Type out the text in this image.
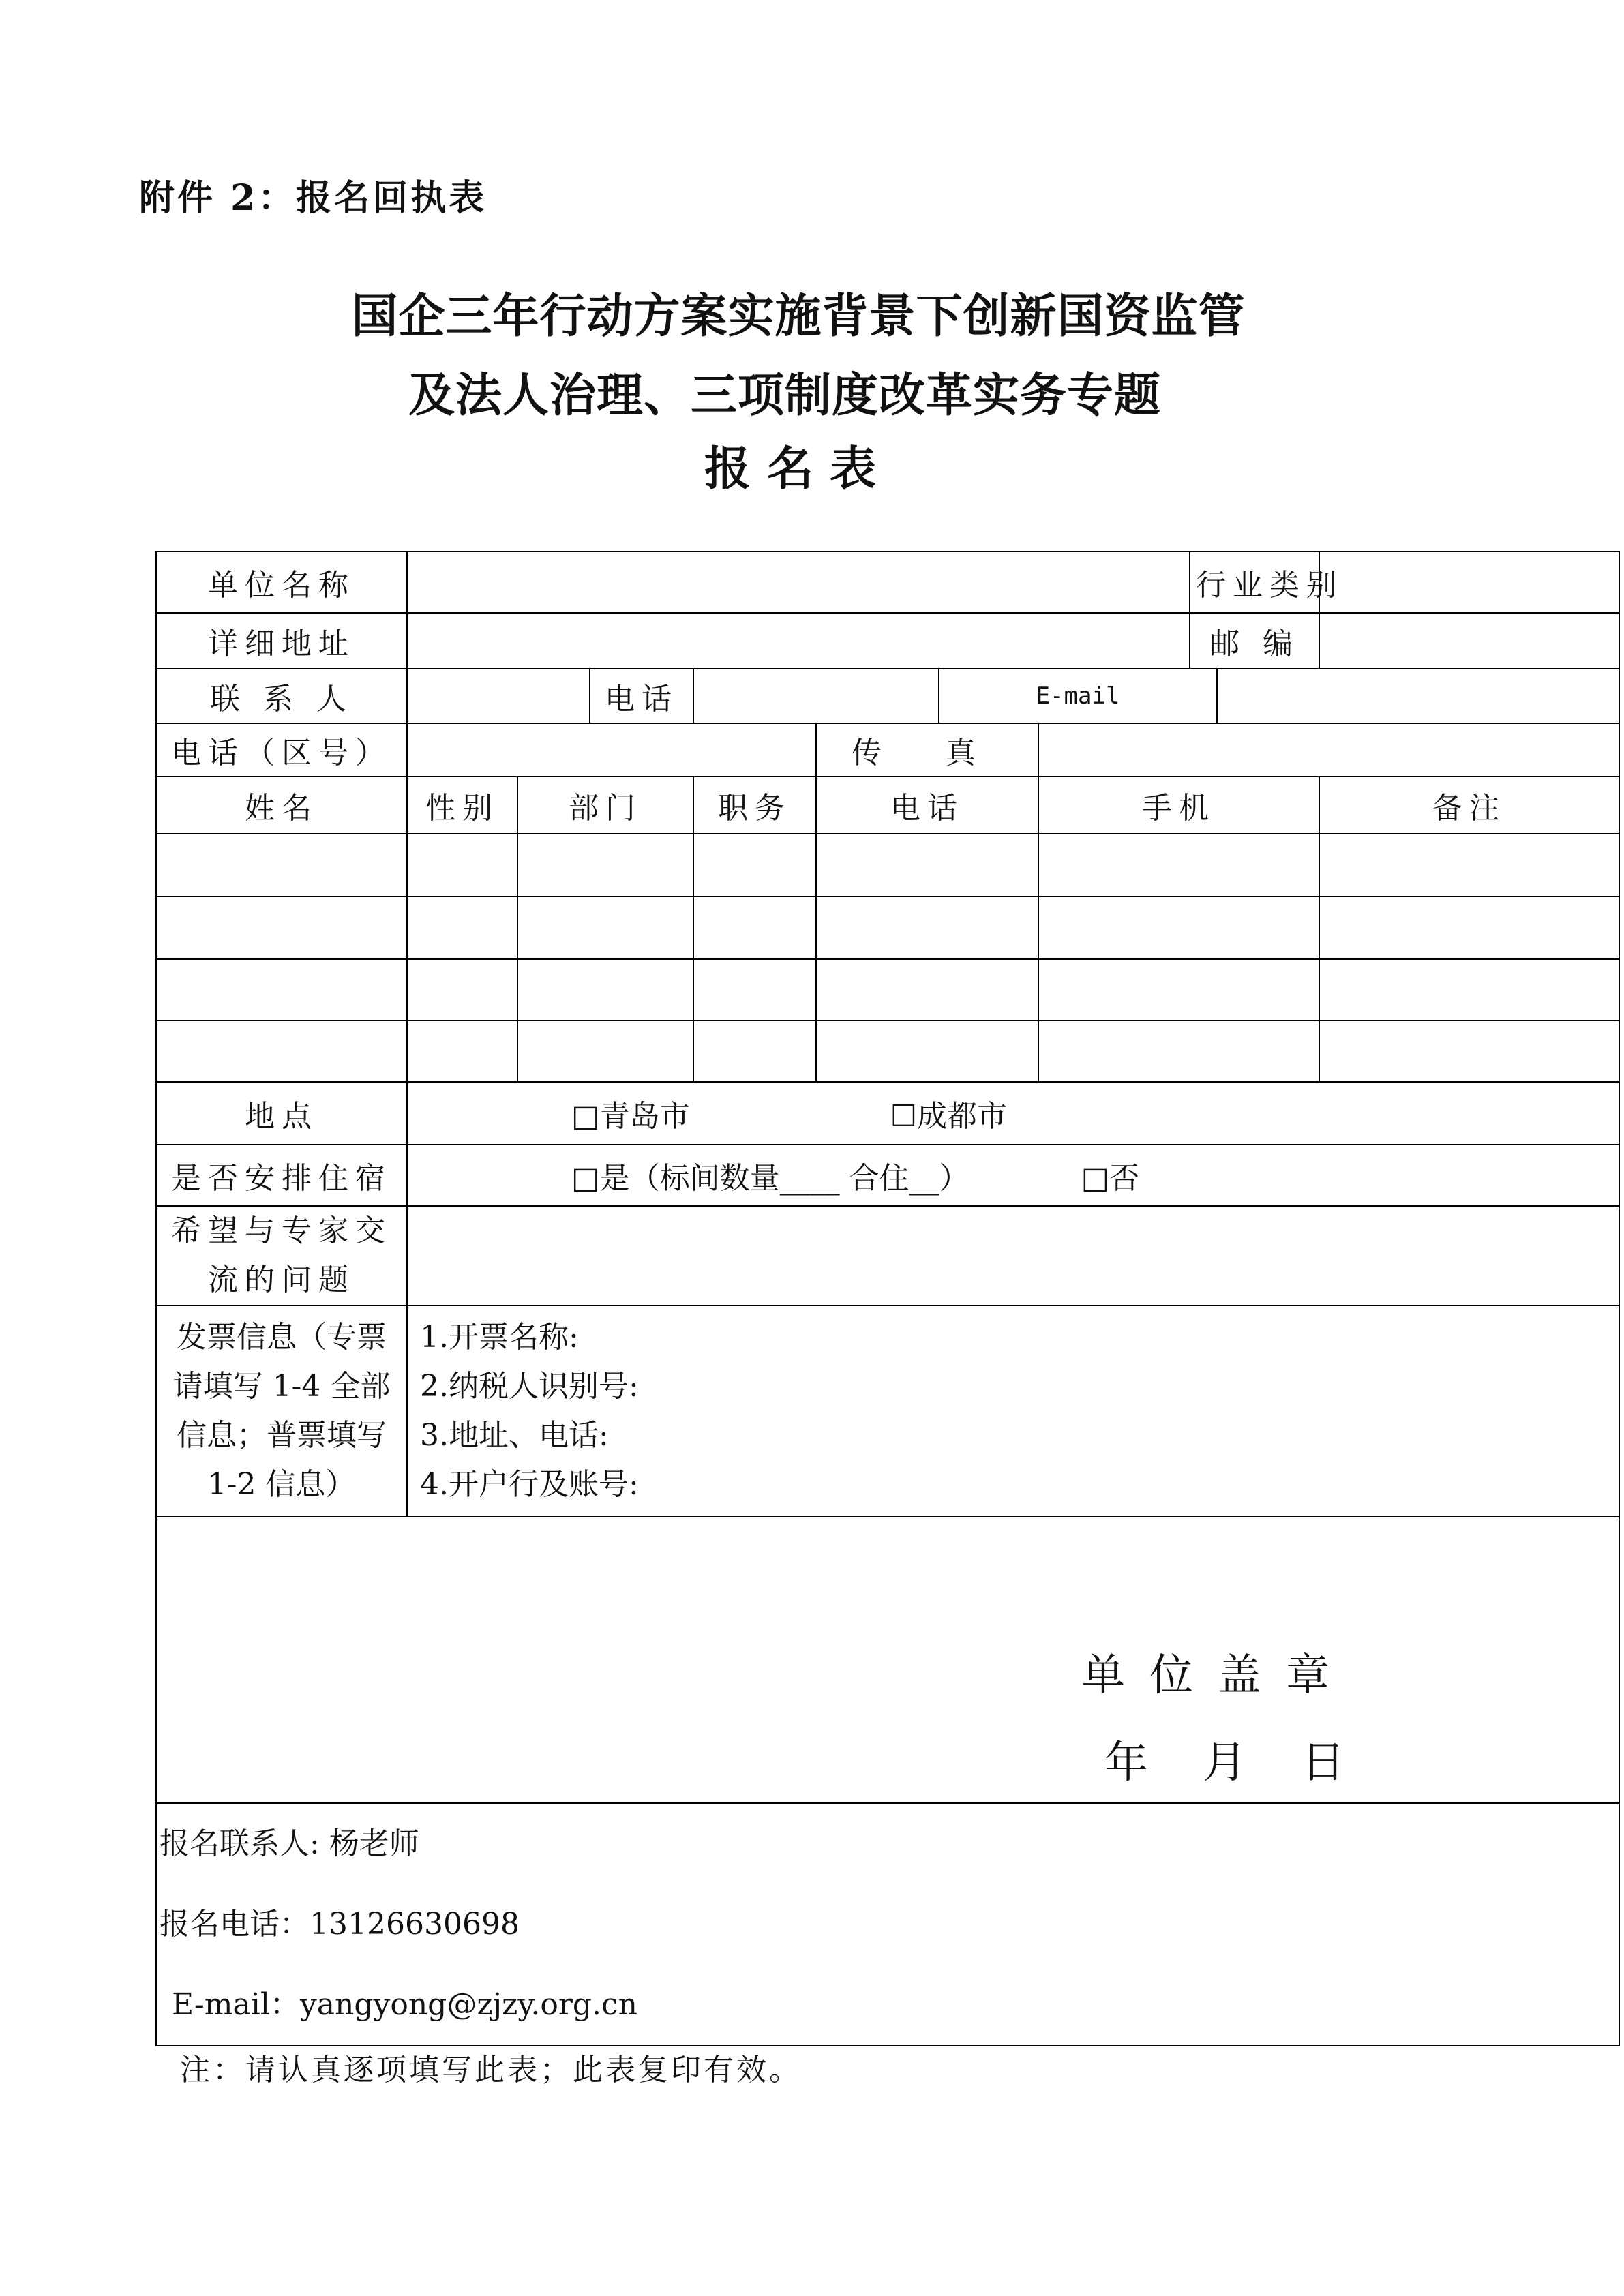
附件 2：报名回执表
国企三年行动方案实施背景下创新国资监管
及法人治理、三项制度改革实务专题
报名表
单位名称								行业类别		
详细地址								邮 编		
联 系 人			电话			E-mail				
电话（区号）					传 真					
姓名	性别	部门		职务	电话		手机			备注

地点	□青岛市 ☐成都市									
是否安排住宿	□是（标间数量____ 合住__） □否									
希望与专家交流的问题										
发票信息（专票请填写 1-4 全部信息；普票填写 1-2 信息）	1.开票名称:
2.纳税人识别号:
3.地址、电话:
4.开户行及账号:									

单位盖章
年 月 日										

报名联系人: 杨老师
报名电话：13126630698
E-mail：yangyong@zjzy.org.cn										
注：请认真逐项填写此表；此表复印有效。
